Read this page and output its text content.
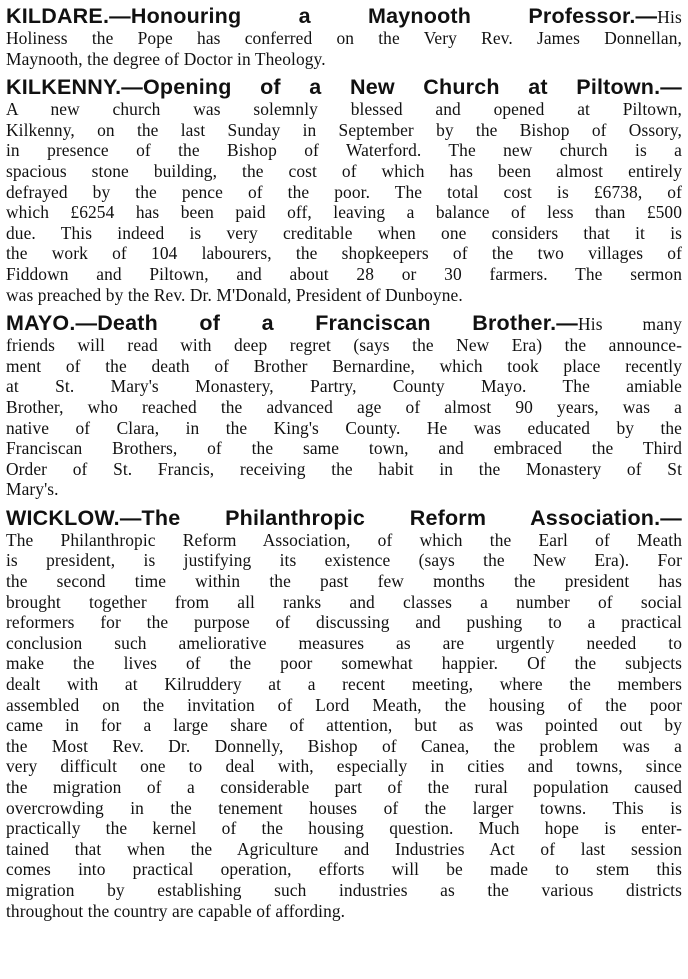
KILDARE.—Honouring a Maynooth Professor.—His
Holiness the Pope has conferred on the Very Rev. James Donnellan,
Maynooth, the degree of Doctor in Theology.
KILKENNY.—Opening of a New Church at Piltown.—
A new church was solemnly blessed and opened at Piltown,
Kilkenny, on the last Sunday in September by the Bishop of Ossory,
in presence of the Bishop of Waterford. The new church is a
spacious stone building, the cost of which has been almost entirely
defrayed by the pence of the poor. The total cost is £6738, of
which £6254 has been paid off, leaving a balance of less than £500
due. This indeed is very creditable when one considers that it is
the work of 104 labourers, the shopkeepers of the two villages of
Fiddown and Piltown, and about 28 or 30 farmers. The sermon
was preached by the Rev. Dr. M'Donald, President of Dunboyne.
MAYO.—Death of a Franciscan Brother.—His many
friends will read with deep regret (says the New Era) the announce-
ment of the death of Brother Bernardine, which took place recently
at St. Mary's Monastery, Partry, County Mayo. The amiable
Brother, who reached the advanced age of almost 90 years, was a
native of Clara, in the King's County. He was educated by the
Franciscan Brothers, of the same town, and embraced the Third
Order of St. Francis, receiving the habit in the Monastery of St
Mary's.
WICKLOW.—The Philanthropic Reform Association.—
The Philanthropic Reform Association, of which the Earl of Meath
is president, is justifying its existence (says the New Era). For
the second time within the past few months the president has
brought together from all ranks and classes a number of social
reformers for the purpose of discussing and pushing to a practical
conclusion such ameliorative measures as are urgently needed to
make the lives of the poor somewhat happier. Of the subjects
dealt with at Kilruddery at a recent meeting, where the members
assembled on the invitation of Lord Meath, the housing of the poor
came in for a large share of attention, but as was pointed out by
the Most Rev. Dr. Donnelly, Bishop of Canea, the problem was a
very difficult one to deal with, especially in cities and towns, since
the migration of a considerable part of the rural population caused
overcrowding in the tenement houses of the larger towns. This is
practically the kernel of the housing question. Much hope is enter-
tained that when the Agriculture and Industries Act of last session
comes into practical operation, efforts will be made to stem this
migration by establishing such industries as the various districts
throughout the country are capable of affording.
